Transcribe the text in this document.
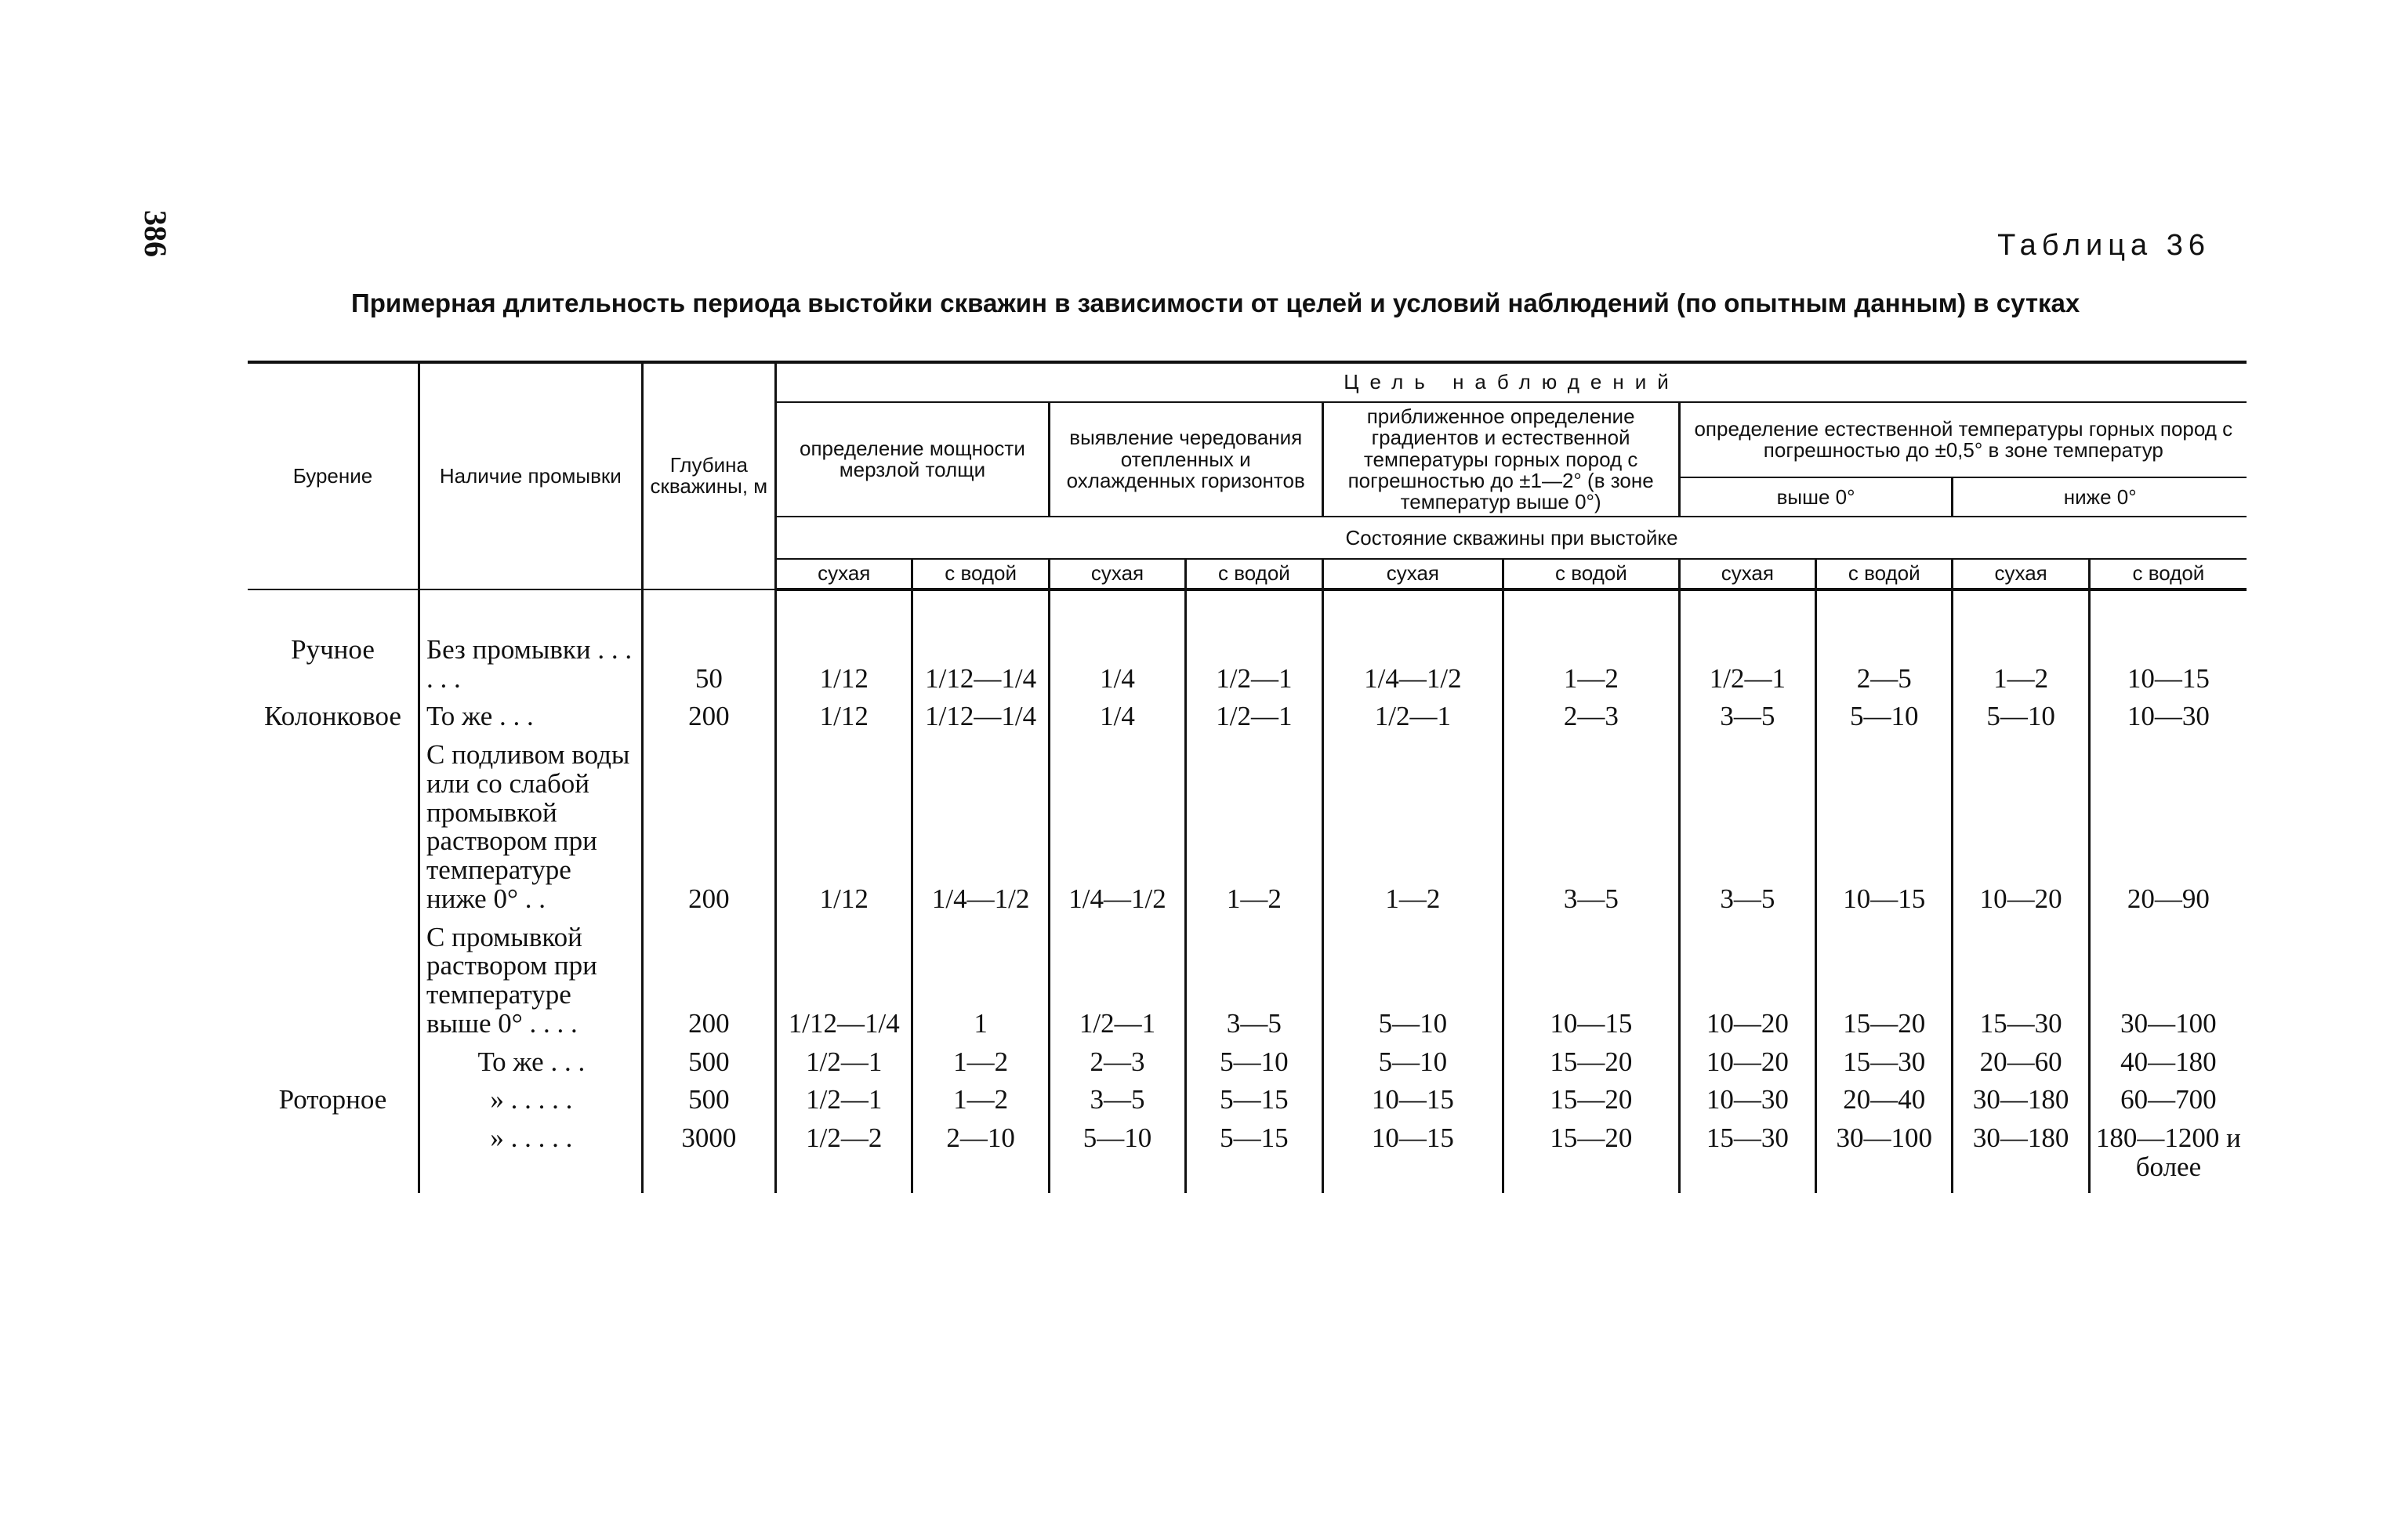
386	Таблица 36
Примерная длительность периода выстойки скважин в зависимости от целей и условий наблюдений (по опытным данным) в сутках
Бурение	Наличие промывки	Глубина скважины, м	Цель наблюдений									
			определение мощности мерзлой толщи		выявление чередования отепленных и охлажденных горизонтов		приближенное определение градиентов и естественной температуры горных пород с погрешностью до ±1—2° (в зоне температур выше 0°)		определение естественной температуры горных пород с погрешностью до ±0,5° в зоне температур			
									выше 0°		ниже 0°	
			Состояние скважины при выстойке									
			сухая	с водой	сухая	с водой	сухая	с водой	сухая	с водой	сухая	с водой
Ручное	Без промывки . . . . . .	50	1/12	1/12—1/4	1/4	1/2—1	1/4—1/2	1—2	1/2—1	2—5	1—2	10—15
Колонковое	То же . . .	200	1/12	1/12—1/4	1/4	1/2—1	1/2—1	2—3	3—5	5—10	5—10	10—30
	С подливом воды или со слабой промывкой раствором при температуре ниже 0° . .	200	1/12	1/4—1/2	1/4—1/2	1—2	1—2	3—5	3—5	10—15	10—20	20—90
	С промывкой раствором при температуре выше 0° . . . .	200	1/12—1/4	1	1/2—1	3—5	5—10	10—15	10—20	15—20	15—30	30—100
	То же . . .	500	1/2—1	1—2	2—3	5—10	5—10	15—20	10—20	15—30	20—60	40—180
Роторное	» . . . . .	500	1/2—1	1—2	3—5	5—15	10—15	15—20	10—30	20—40	30—180	60—700
	» . . . . .	3000	1/2—2	2—10	5—10	5—15	10—15	15—20	15—30	30—100	30—180	180—1200 и более
